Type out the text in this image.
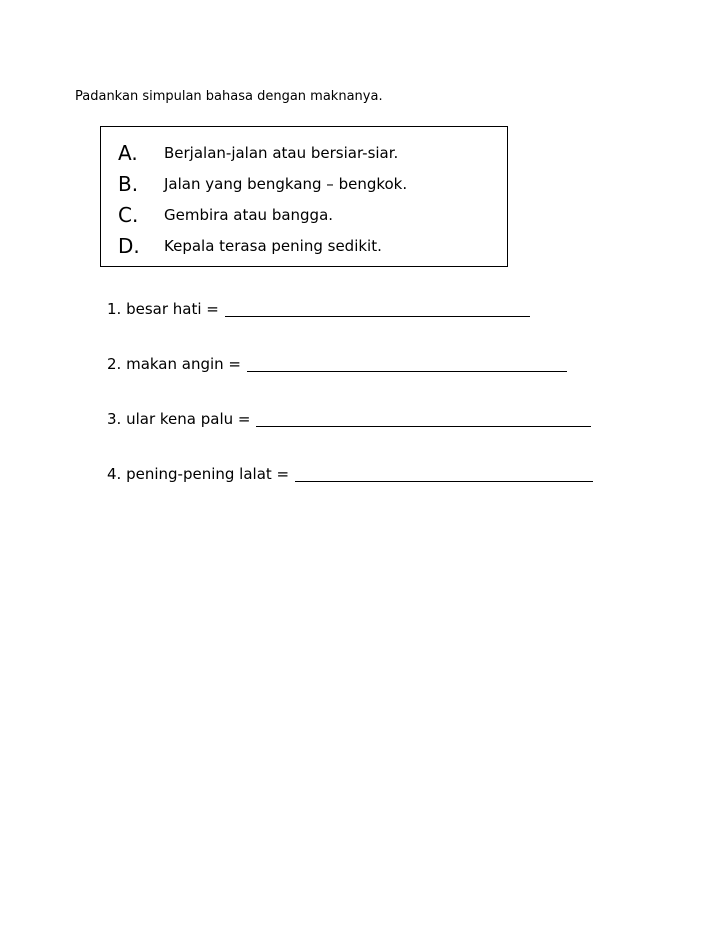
Padankan simpulan bahasa dengan maknanya.
A.	Berjalan-jalan atau bersiar-siar.
B.	Jalan yang bengkang – bengkok.
C.	Gembira atau bangga.
D.	Kepala terasa pening sedikit.
1. besar hati =
2. makan angin =
3. ular kena palu =
4. pening-pening lalat =
